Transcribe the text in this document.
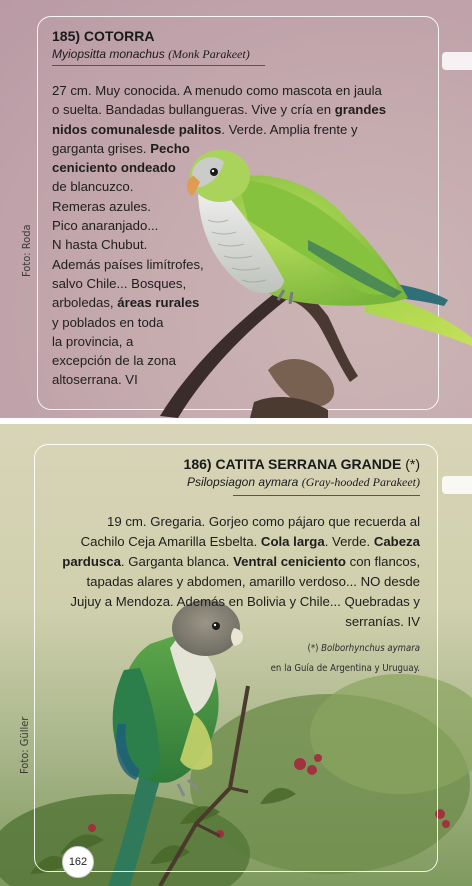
Foto: Roda
185) COTORRA
Myiopsitta monachus (Monk Parakeet)
27 cm. Muy conocida. A menudo como mascota en jaula
o suelta. Bandadas bullangueras. Vive y cría en grandes
nidos comunalesde palitos. Verde. Amplia frente y
garganta grises. Pecho
ceniciento ondeado
de blancuzco.
Remeras azules.
Pico anaranjado...
N hasta Chubut.
Además países limítrofes,
salvo Chile... Bosques,
arboledas, áreas rurales
y poblados en toda
la provincia, a
excepción de la zona
altoserrana. VI
Foto: Güller
186) CATITA SERRANA GRANDE (*)
Psilopsiagon aymara (Gray-hooded Parakeet)
19 cm. Gregaria. Gorjeo como pájaro que recuerda al
Cachilo Ceja Amarilla Esbelta. Cola larga. Verde. Cabeza
pardusca. Garganta blanca. Ventral ceniciento con flancos,
tapadas alares y abdomen, amarillo verdoso... NO desde
Jujuy a Mendoza. Además en Bolivia y Chile... Quebradas y
serranías. IV
(*) Bolborhynchus aymara
en la Guía de Argentina y Uruguay.
162
